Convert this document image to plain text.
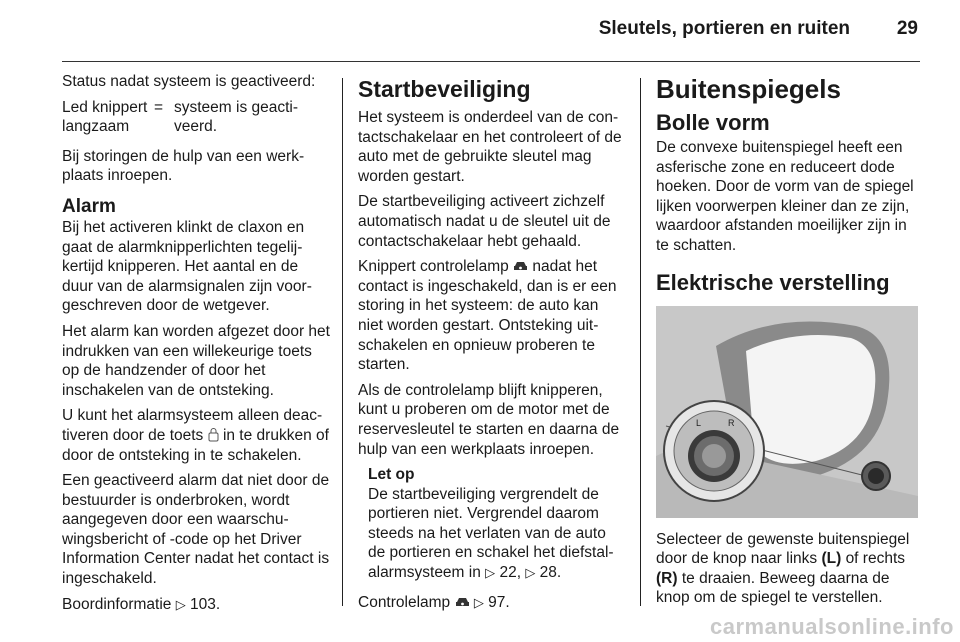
Sleutels, portieren en ruiten 29

Status nadat systeem is geactiveerd:

Led knippert langzaam
= systeem is geacti- veerd.

Bij storingen de hulp van een werk- plaats inroepen.

Alarm

Bij het activeren klinkt de claxon en gaat de alarmknipperlichten tegelij- kertijd knipperen. Het aantal en de duur van de alarmsignalen zijn voor- geschreven door de wetgever.

Het alarm kan worden afgezet door het indrukken van een willekeurige toets op de handzender of door het inschakelen van de ontsteking.

U kunt het alarmsysteem alleen deac- tiveren door de toets in te drukken of door de ontsteking in te schakelen.

Een geactiveerd alarm dat niet door de bestuurder is onderbroken, wordt aangegeven door een waarschu- wingsbericht of -code op het Driver Information Center nadat het contact is ingeschakeld.

Boordinformatie ▷ 103.

Startbeveiliging

Het systeem is onderdeel van de con- tactschakelaar en het controleert of de auto met de gebruikte sleutel mag worden gestart.

De startbeveiliging activeert zichzelf automatisch nadat u de sleutel uit de contactschakelaar hebt gehaald.

Knippert controlelamp nadat het contact is ingeschakeld, dan is er een storing in het systeem: de auto kan niet worden gestart. Ontsteking uit- schakelen en opnieuw proberen te starten.

Als de controlelamp blijft knipperen, kunt u proberen om de motor met de reservesleutel te starten en daarna de hulp van een werkplaats inroepen.

Let op
De startbeveiliging vergrendelt de portieren niet. Vergrendel daarom steeds na het verlaten van de auto de portieren en schakel het diefstal- alarmsysteem in ▷ 22, ▷ 28.

Controlelamp ▷ 97.

Buitenspiegels
Bolle vorm

De convexe buitenspiegel heeft een asferische zone en reduceert dode hoeken. Door de vorm van de spiegel lijken voorwerpen kleiner dan ze zijn, waardoor afstanden moeilijker zijn in te schatten.

Elektrische verstelling
L	R

Selecteer de gewenste buitenspiegel door de knop naar links (L) of rechts (R) te draaien. Beweeg daarna de knop om de spiegel te verstellen.

carmanualsonline.info
